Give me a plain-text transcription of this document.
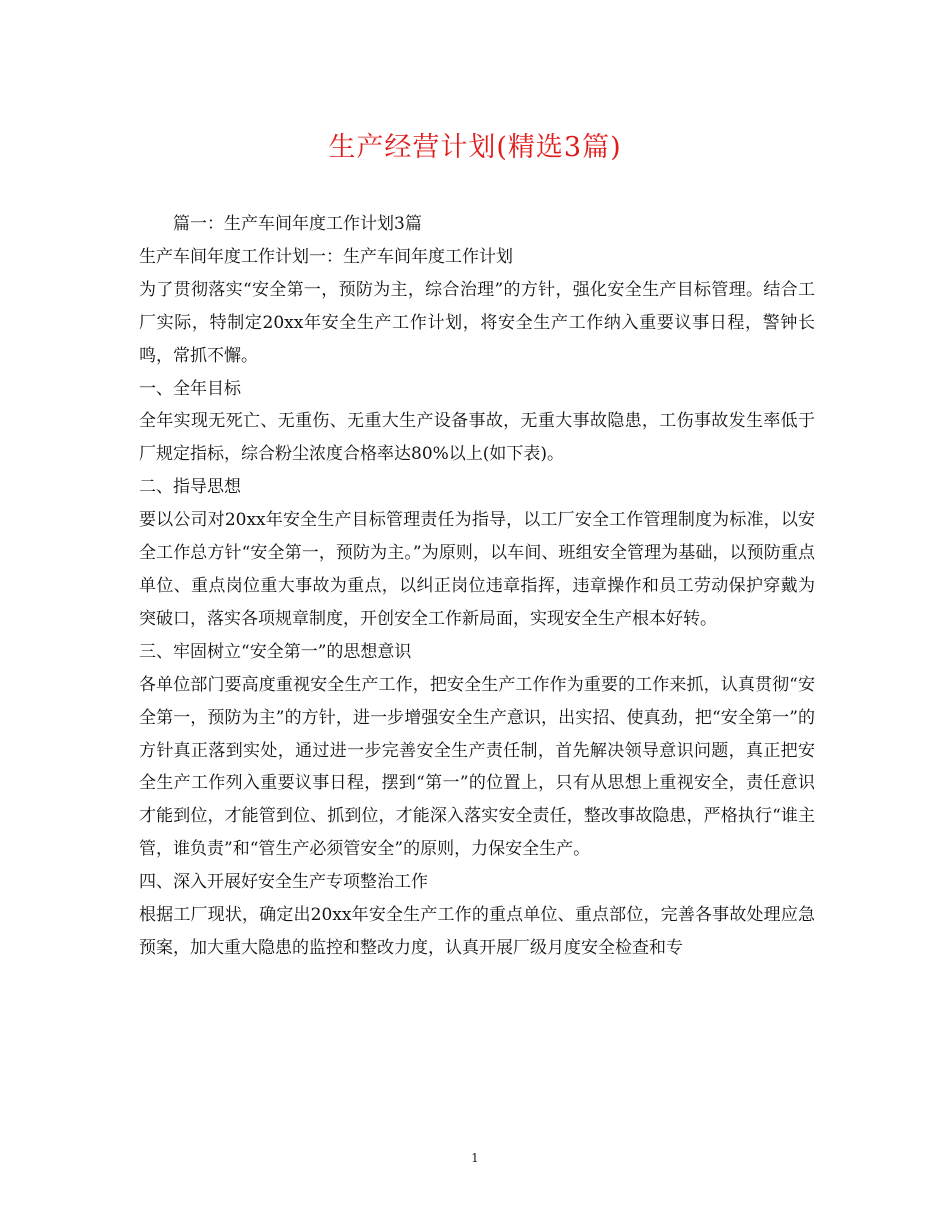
生产经营计划(精选3篇)

篇一：生产车间年度工作计划3篇

生产车间年度工作计划一：生产车间年度工作计划

为了贯彻落实“安全第一，预防为主，综合治理”的方针，强化安全生产目标管理。结合工厂实际，特制定20xx年安全生产工作计划，将安全生产工作纳入重要议事日程，警钟长鸣，常抓不懈。

一、全年目标

全年实现无死亡、无重伤、无重大生产设备事故，无重大事故隐患，工伤事故发生率低于厂规定指标，综合粉尘浓度合格率达80%以上(如下表)。

二、指导思想

要以公司对20xx年安全生产目标管理责任为指导，以工厂安全工作管理制度为标准，以安全工作总方针“安全第一，预防为主。”为原则，以车间、班组安全管理为基础，以预防重点单位、重点岗位重大事故为重点，以纠正岗位违章指挥，违章操作和员工劳动保护穿戴为突破口，落实各项规章制度，开创安全工作新局面，实现安全生产根本好转。

三、牢固树立“安全第一”的思想意识

各单位部门要高度重视安全生产工作，把安全生产工作作为重要的工作来抓，认真贯彻“安全第一，预防为主”的方针，进一步增强安全生产意识，出实招、使真劲，把“安全第一”的方针真正落到实处，通过进一步完善安全生产责任制，首先解决领导意识问题，真正把安全生产工作列入重要议事日程，摆到“第一”的位置上，只有从思想上重视安全，责任意识才能到位，才能管到位、抓到位，才能深入落实安全责任，整改事故隐患，严格执行“谁主管，谁负责”和“管生产必须管安全”的原则，力保安全生产。

四、深入开展好安全生产专项整治工作

根据工厂现状，确定出20xx年安全生产工作的重点单位、重点部位，完善各事故处理应急预案，加大重大隐患的监控和整改力度，认真开展厂级月度安全检查和专

1
